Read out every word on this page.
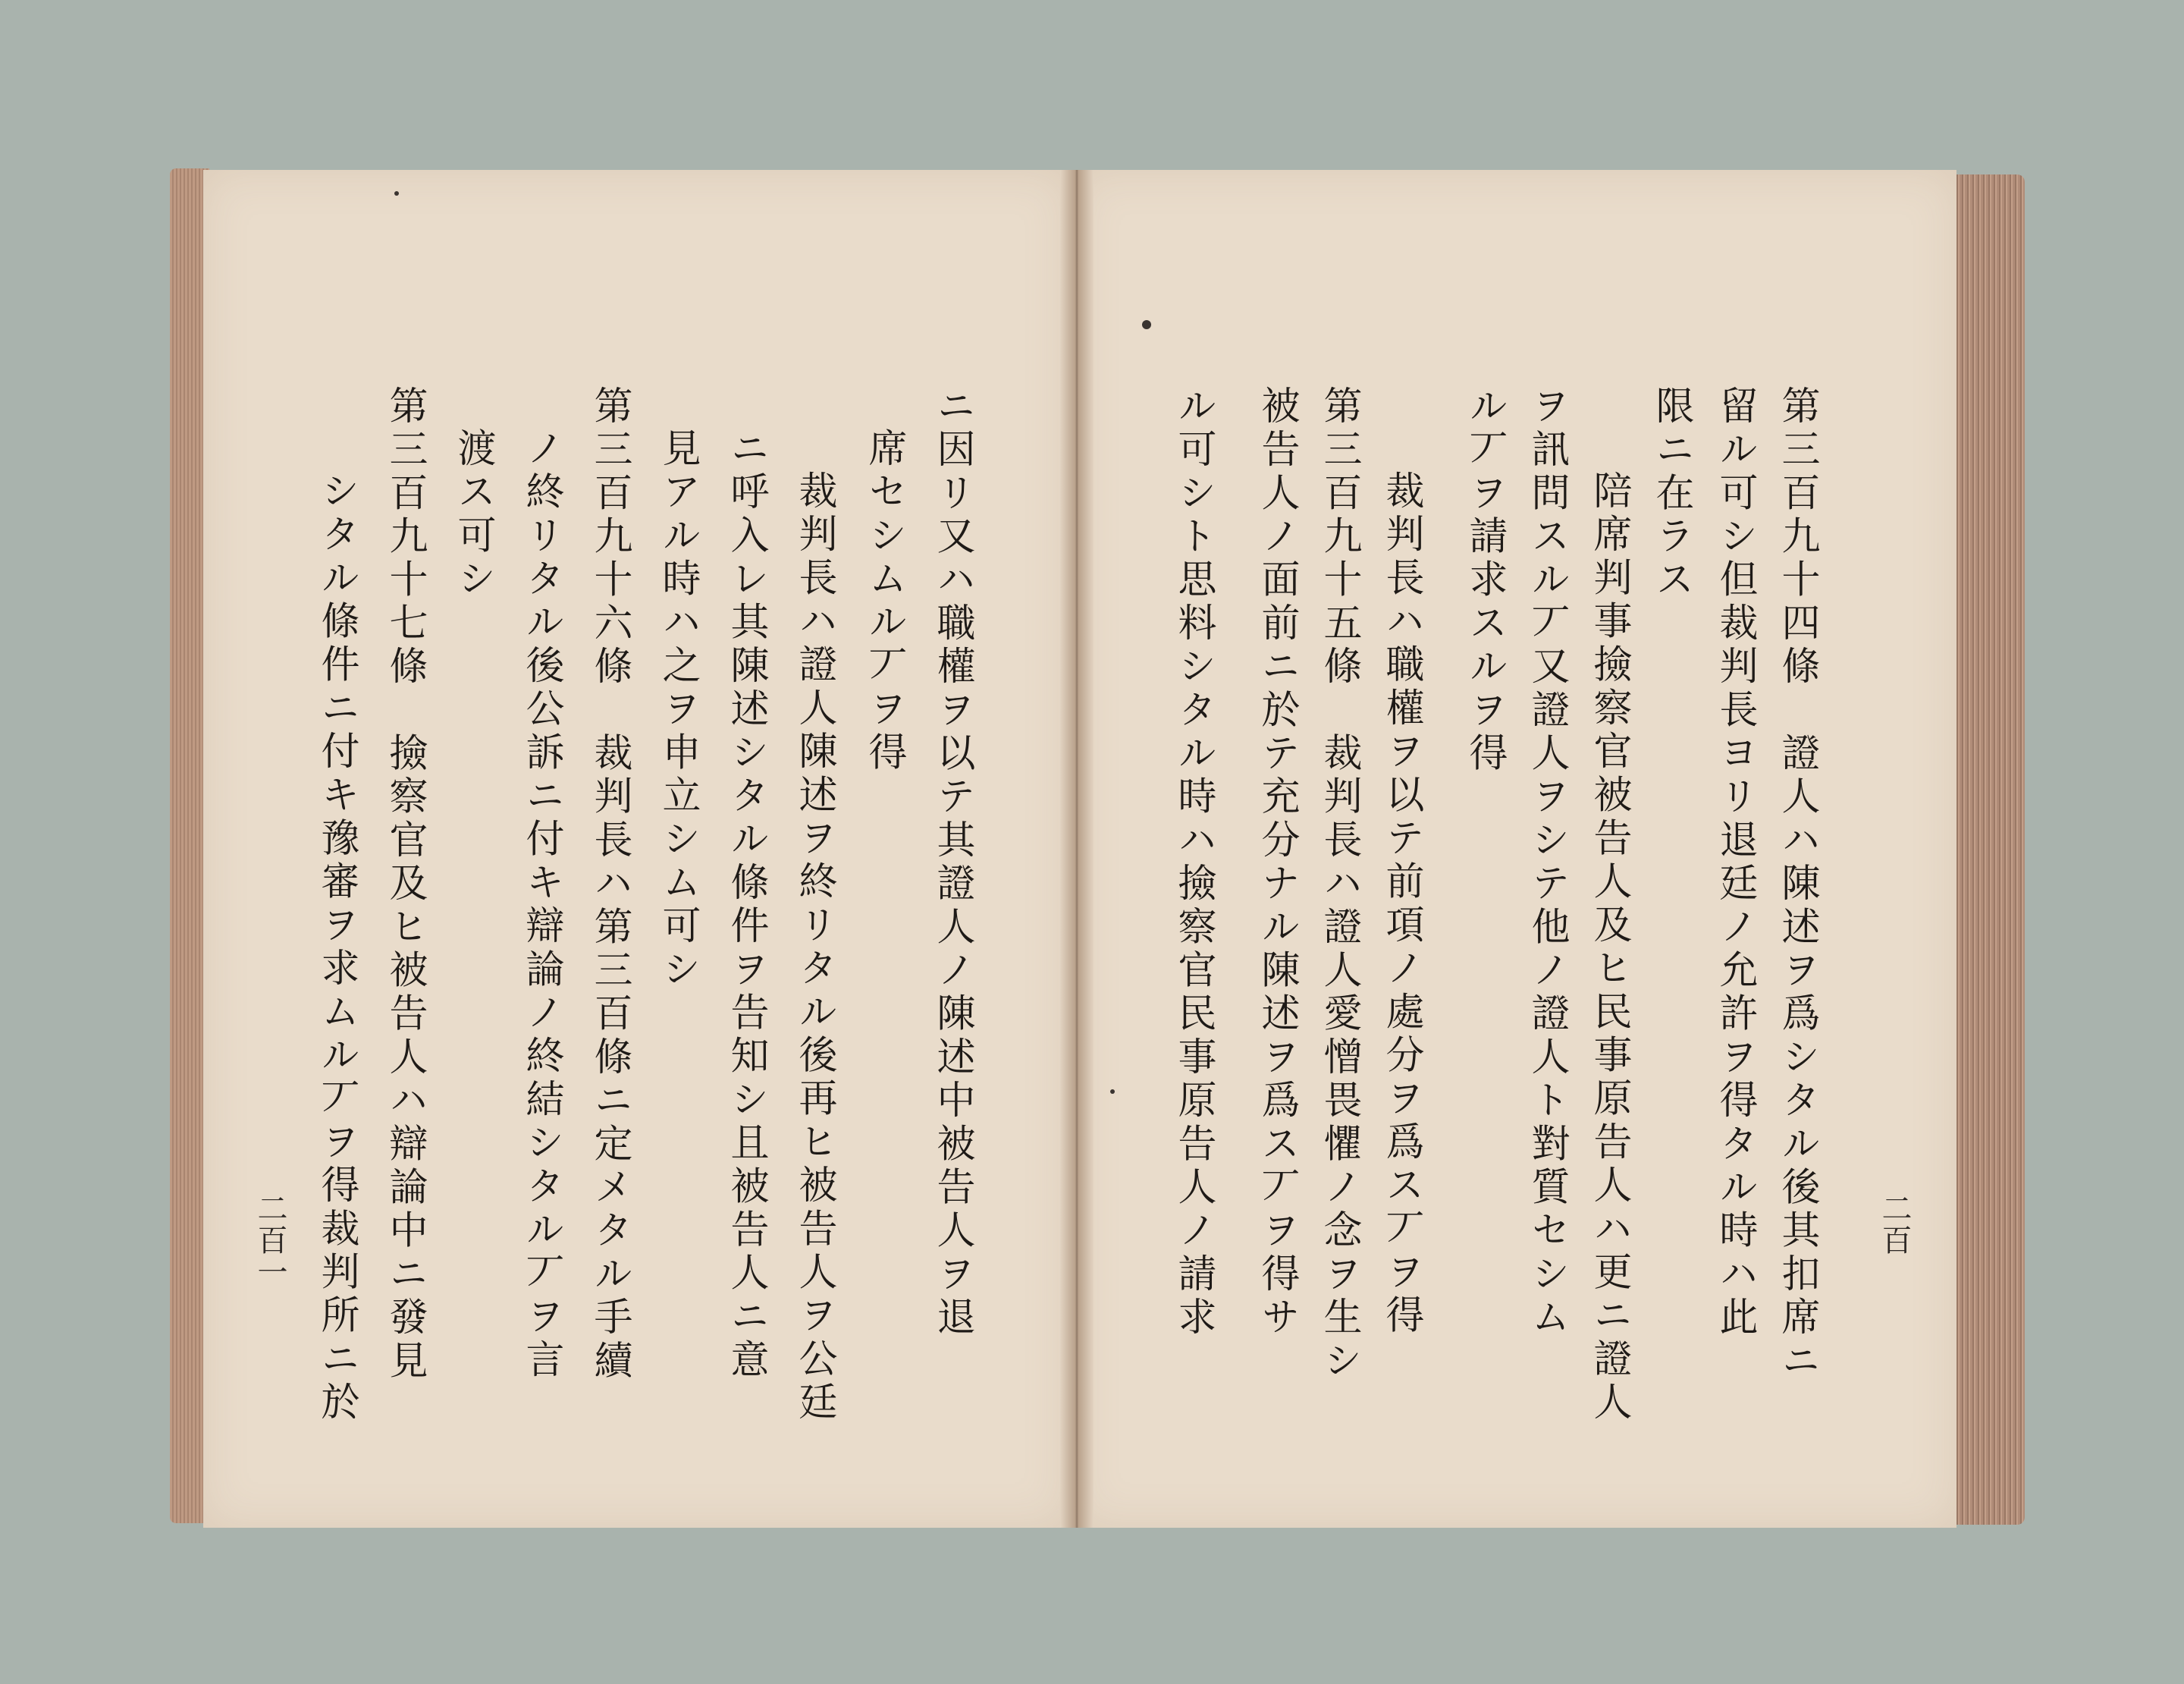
第三百九十四條　證人ハ陳述ヲ爲シタル後其扣席ニ
留ル可シ但裁判長ヨリ退廷ノ允許ヲ得タル時ハ此
限ニ在ラス
陪席判事撿察官被告人及ヒ民事原告人ハ更ニ證人
ヲ訊問スル丆又證人ヲシテ他ノ證人ト對質セシム
ル丆ヲ請求スルヲ得
裁判長ハ職權ヲ以テ前項ノ處分ヲ爲ス丆ヲ得
第三百九十五條　裁判長ハ證人愛憎畏懼ノ念ヲ生シ
被告人ノ面前ニ於テ充分ナル陳述ヲ爲ス丆ヲ得サ
ル可シト思料シタル時ハ撿察官民事原告人ノ請求	二百
ニ因リ又ハ職權ヲ以テ其證人ノ陳述中被告人ヲ退
席セシムル丆ヲ得
裁判長ハ證人陳述ヲ終リタル後再ヒ被告人ヲ公廷
ニ呼入レ其陳述シタル條件ヲ告知シ且被告人ニ意
見アル時ハ之ヲ申立シム可シ
第三百九十六條　裁判長ハ第三百條ニ定メタル手續
ノ終リタル後公訴ニ付キ辯論ノ終結シタル丆ヲ言
渡ス可シ
第三百九十七條　撿察官及ヒ被告人ハ辯論中ニ發見
シタル條件ニ付キ豫審ヲ求ムル丆ヲ得裁判所ニ於
二百一
